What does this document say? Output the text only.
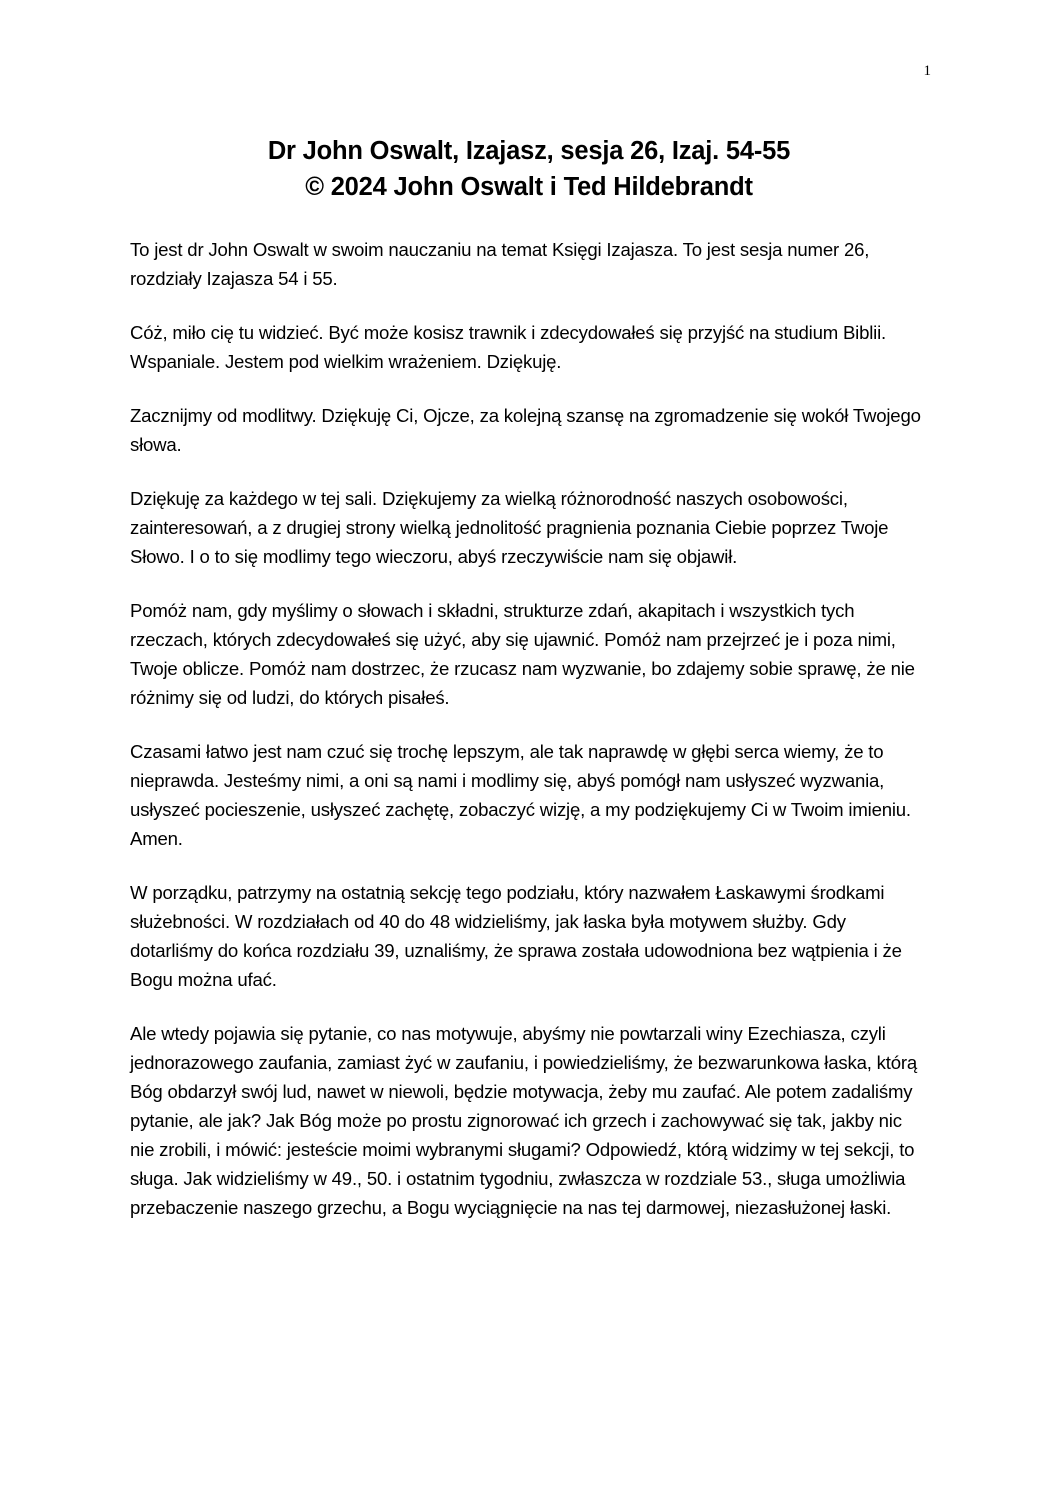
1

Dr John Oswalt, Izajasz, sesja 26, Izaj. 54-55
© 2024 John Oswalt i Ted Hildebrandt

To jest dr John Oswalt w swoim nauczaniu na temat Księgi Izajasza. To jest sesja numer 26, rozdziały Izajasza 54 i 55.

Cóż, miło cię tu widzieć. Być może kosisz trawnik i zdecydowałeś się przyjść na studium Biblii. Wspaniale. Jestem pod wielkim wrażeniem. Dziękuję.

Zacznijmy od modlitwy. Dziękuję Ci, Ojcze, za kolejną szansę na zgromadzenie się wokół Twojego słowa.

Dziękuję za każdego w tej sali. Dziękujemy za wielką różnorodność naszych osobowości, zainteresowań, a z drugiej strony wielką jednolitość pragnienia poznania Ciebie poprzez Twoje Słowo. I o to się modlimy tego wieczoru, abyś rzeczywiście nam się objawił.

Pomóż nam, gdy myślimy o słowach i składni, strukturze zdań, akapitach i wszystkich tych rzeczach, których zdecydowałeś się użyć, aby się ujawnić. Pomóż nam przejrzeć je i poza nimi, Twoje oblicze. Pomóż nam dostrzec, że rzucasz nam wyzwanie, bo zdajemy sobie sprawę, że nie różnimy się od ludzi, do których pisałeś.

Czasami łatwo jest nam czuć się trochę lepszym, ale tak naprawdę w głębi serca wiemy, że to nieprawda. Jesteśmy nimi, a oni są nami i modlimy się, abyś pomógł nam usłyszeć wyzwania, usłyszeć pocieszenie, usłyszeć zachętę, zobaczyć wizję, a my podziękujemy Ci w Twoim imieniu. Amen.

W porządku, patrzymy na ostatnią sekcję tego podziału, który nazwałem Łaskawymi środkami służebności. W rozdziałach od 40 do 48 widzieliśmy, jak łaska była motywem służby. Gdy dotarliśmy do końca rozdziału 39, uznaliśmy, że sprawa została udowodniona bez wątpienia i że Bogu można ufać.

Ale wtedy pojawia się pytanie, co nas motywuje, abyśmy nie powtarzali winy Ezechiasza, czyli jednorazowego zaufania, zamiast żyć w zaufaniu, i powiedzieliśmy, że bezwarunkowa łaska, którą Bóg obdarzył swój lud, nawet w niewoli, będzie motywacja, żeby mu zaufać. Ale potem zadaliśmy pytanie, ale jak? Jak Bóg może po prostu zignorować ich grzech i zachowywać się tak, jakby nic nie zrobili, i mówić: jesteście moimi wybranymi sługami? Odpowiedź, którą widzimy w tej sekcji, to sługa. Jak widzieliśmy w 49., 50. i ostatnim tygodniu, zwłaszcza w rozdziale 53., sługa umożliwia przebaczenie naszego grzechu, a Bogu wyciągnięcie na nas tej darmowej, niezasłużonej łaski.
